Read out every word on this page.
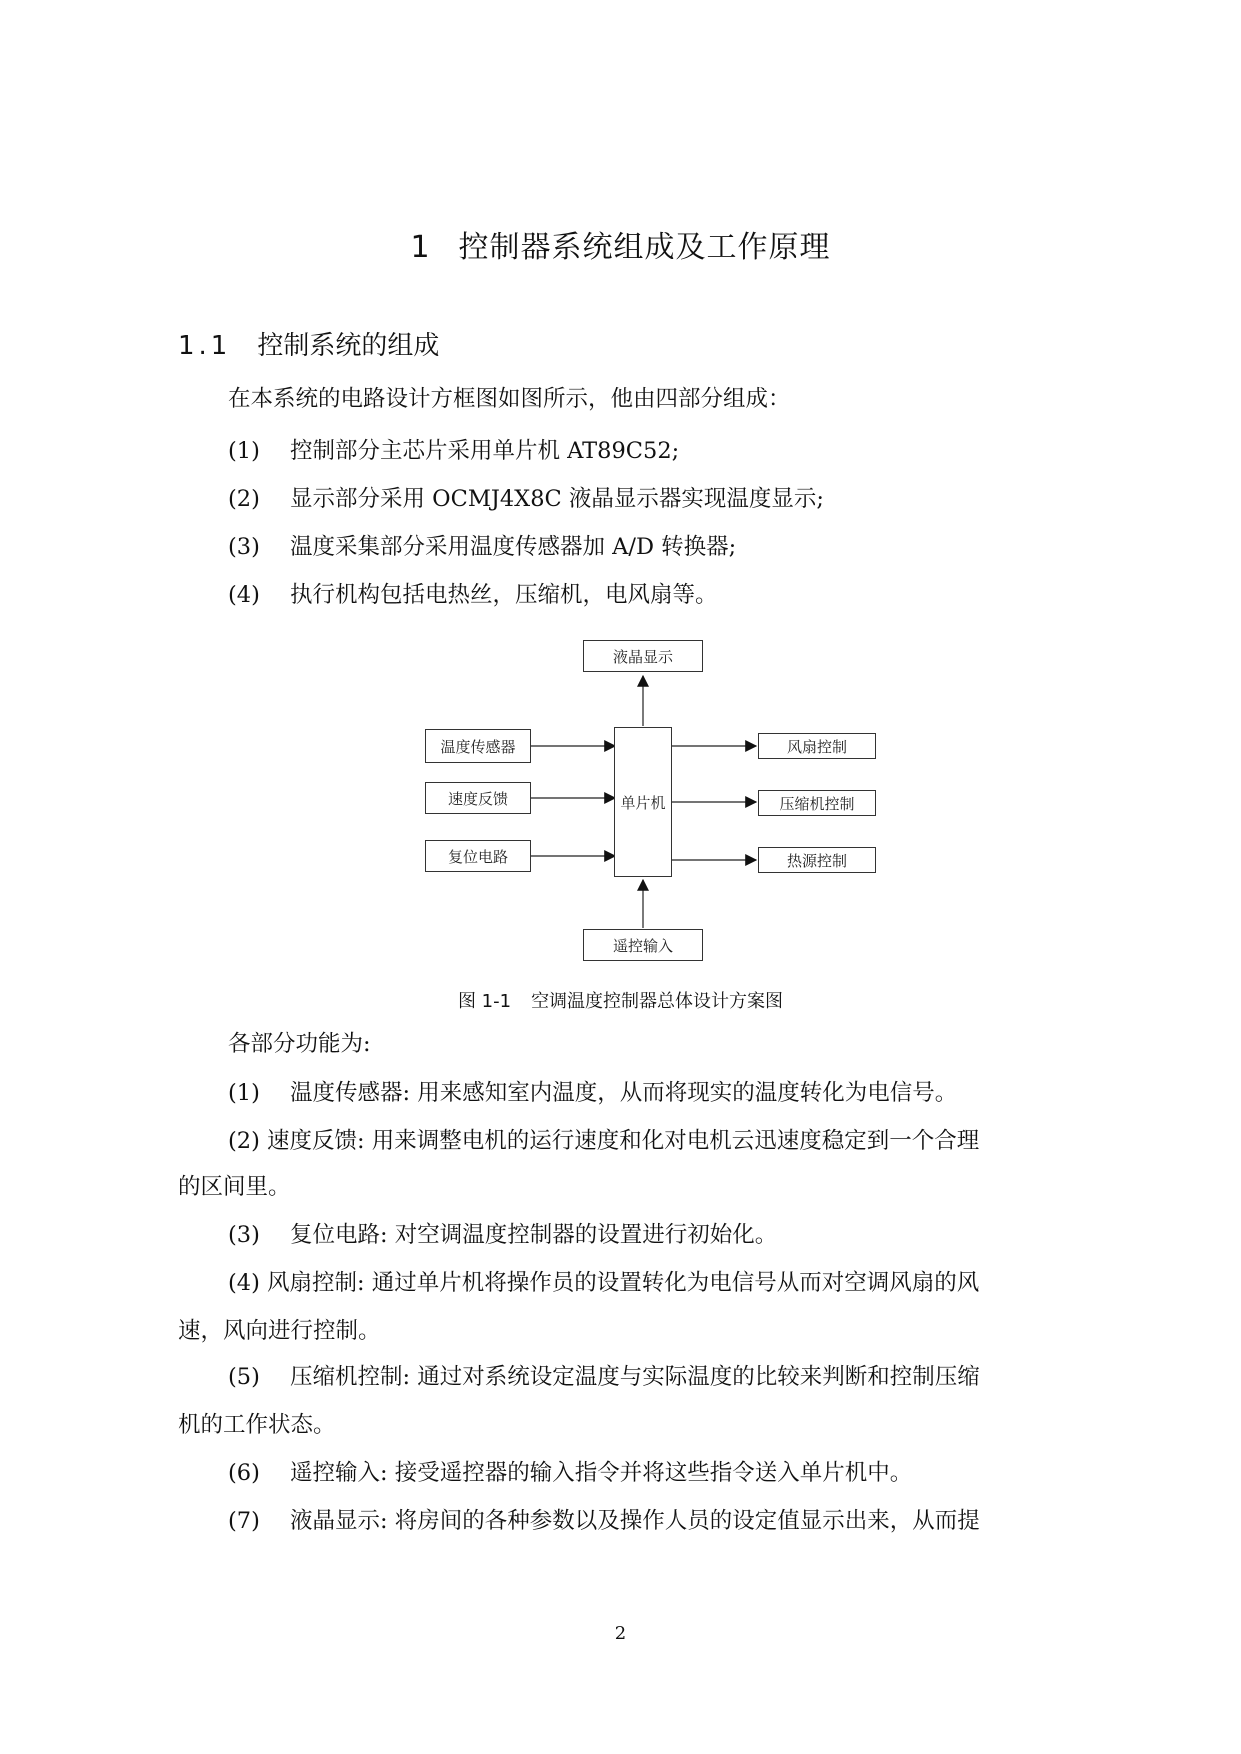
1 控制器系统组成及工作原理
1.1 控制系统的组成
在本系统的电路设计方框图如图所示，他由四部分组成：
(1) 控制部分主芯片采用单片机 AT89C52;
(2) 显示部分采用 OCMJ4X8C 液晶显示器实现温度显示;
(3) 温度采集部分采用温度传感器加 A/D 转换器;
(4) 执行机构包括电热丝，压缩机，电风扇等。
液晶显示
单片机
遥控输入
温度传感器
速度反馈
复位电路
风扇控制
压缩机控制
热源控制
图 1-1 空调温度控制器总体设计方案图
各部分功能为:
(1) 温度传感器: 用来感知室内温度，从而将现实的温度转化为电信号。
(2) 速度反馈: 用来调整电机的运行速度和化对电机云迅速度稳定到一个合理
的区间里。
(3) 复位电路: 对空调温度控制器的设置进行初始化。
(4) 风扇控制: 通过单片机将操作员的设置转化为电信号从而对空调风扇的风
速，风向进行控制。
(5) 压缩机控制: 通过对系统设定温度与实际温度的比较来判断和控制压缩
机的工作状态。
(6) 遥控输入: 接受遥控器的输入指令并将这些指令送入单片机中。
(7) 液晶显示: 将房间的各种参数以及操作人员的设定值显示出来，从而提
2
